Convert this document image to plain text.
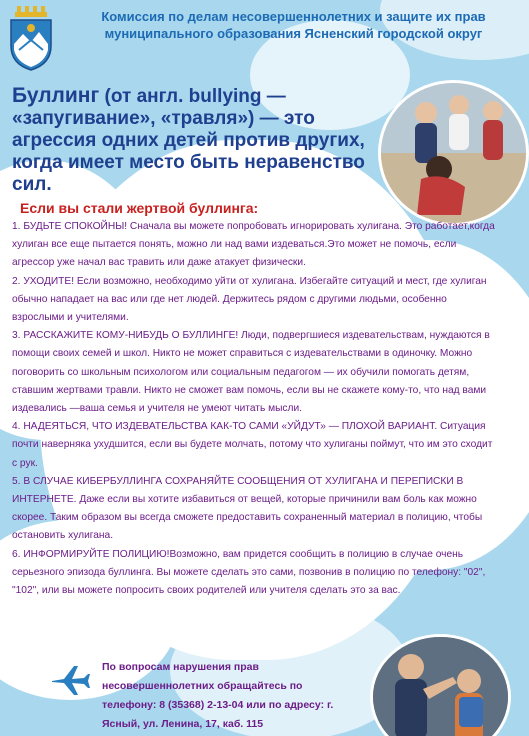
Комиссия по делам несовершеннолетних и защите их прав
муниципального образования Ясненский городской округ
Буллинг (от англ. bullying — «запугивание», «травля») — это агрессия одних детей против других, когда имеет место быть неравенство сил.
Если вы стали жертвой буллинга:

1. БУДЬТЕ СПОКОЙНЫ! Сначала вы можете попробовать игнорировать хулигана. Это работает,когда хулиган все еще пытается понять, можно ли над вами издеваться.Это может не помочь, если агрессор уже начал вас травить или даже атакует физически.

2. УХОДИТЕ! Если возможно, необходимо уйти от хулигана. Избегайте ситуаций и мест, где хулиган обычно нападает на вас или где нет людей. Держитесь рядом с другими людьми, особенно взрослыми и учителями.

3. РАССКАЖИТЕ КОМУ-НИБУДЬ О БУЛЛИНГЕ! Люди, подвергшиеся издевательствам, нуждаются в помощи своих семей и школ. Никто не может справиться с издевательствами в одиночку. Можно поговорить со школьным психологом или социальным педагогом — их обучили помогать детям, ставшим жертвами травли. Никто не сможет вам помочь, если вы не скажете кому-то, что над вами издевались —ваша семья и учителя не умеют читать мысли.

4. НАДЕЯТЬСЯ, ЧТО ИЗДЕВАТЕЛЬСТВА КАК-ТО САМИ «УЙДУТ» — ПЛОХОЙ ВАРИАНТ. Ситуация почти наверняка ухудшится, если вы будете молчать, потому что хулиганы поймут, что им это сходит с рук.

5. В СЛУЧАЕ КИБЕРБУЛЛИНГА СОХРАНЯЙТЕ СООБЩЕНИЯ ОТ ХУЛИГАНА И ПЕРЕПИСКИ В ИНТЕРНЕТЕ. Даже если вы хотите избавиться от вещей, которые причинили вам боль как можно скорее. Таким образом вы всегда сможете предоставить сохраненный материал в полицию, чтобы остановить хулигана.

6. ИНФОРМИРУЙТЕ ПОЛИЦИЮ!Возможно, вам придется сообщить в полицию в случае очень серьезного эпизода буллинга. Вы можете сделать это сами, позвонив в полицию по телефону: "02", "102", или вы можете попросить своих родителей или учителя сделать это за вас.

По вопросам нарушения прав несовершеннолетних обращайтесь по телефону: 8 (35368) 2-13-04 или по адресу: г. Ясный, ул. Ленина, 17, каб. 115
